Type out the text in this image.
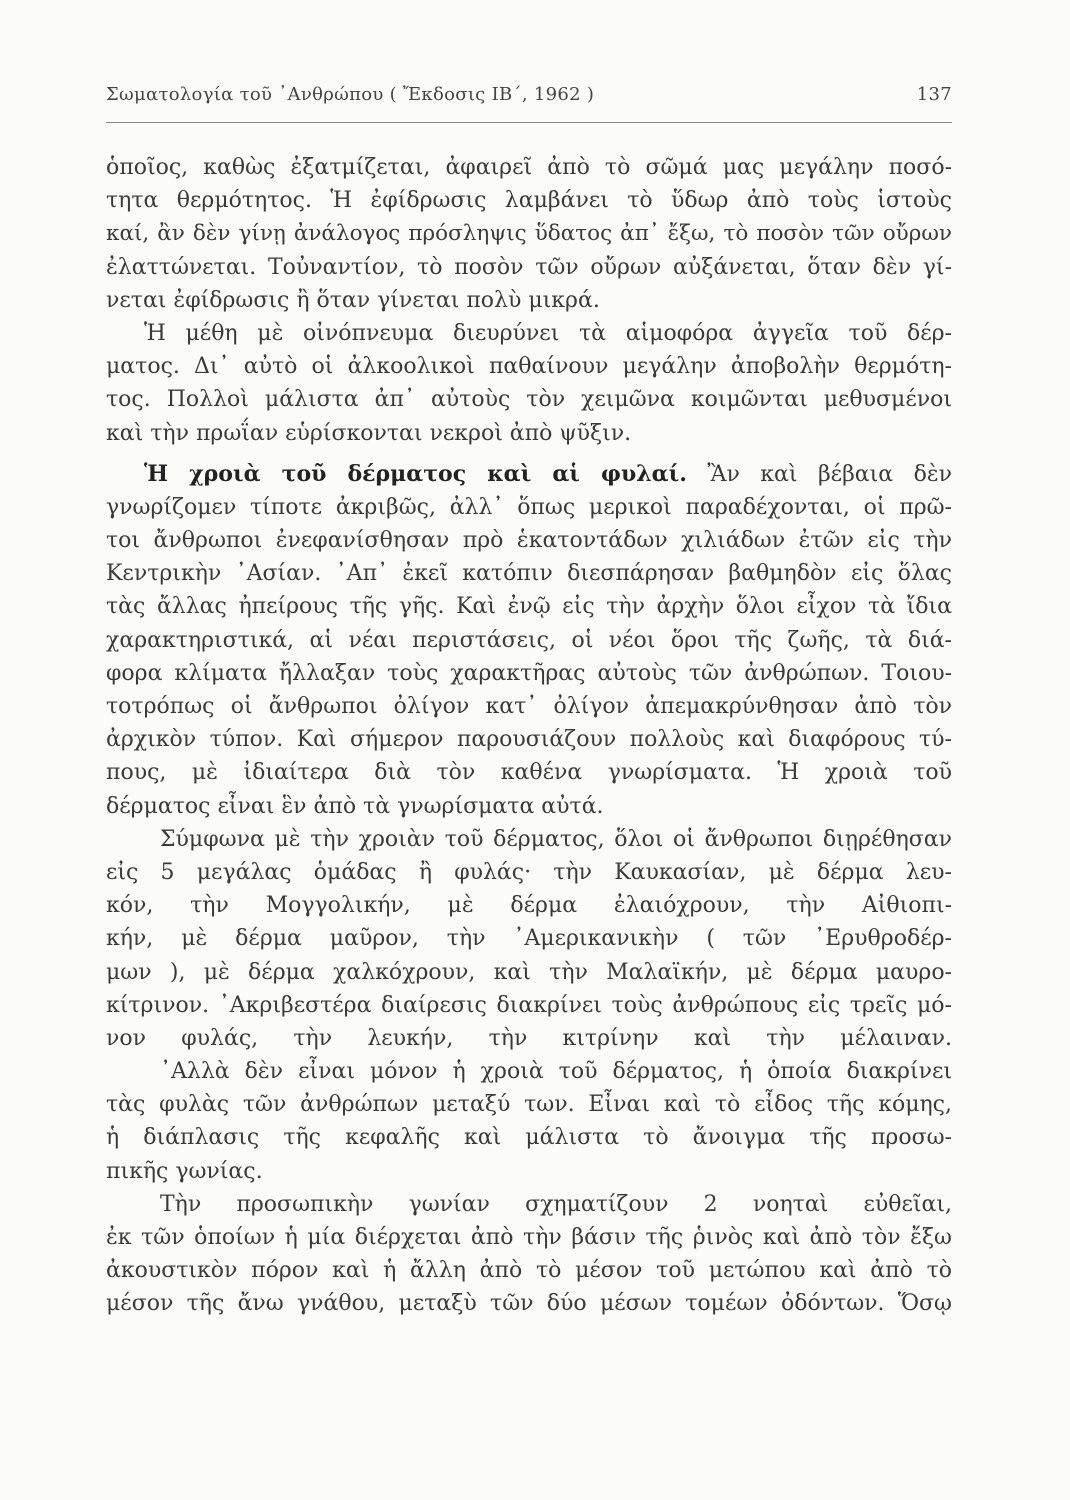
Σωματολογία τοῦ ᾽Ανθρώπου ( Ἔκδοσις ΙΒ΄, 1962 )	137
ὁποῖος, καθὼς ἐξατμίζεται, ἀφαιρεῖ ἀπὸ τὸ σῶμά μας μεγάλην ποσό-
τητα θερμότητος. Ἡ ἐφίδρωσις λαμβάνει τὸ ὕδωρ ἀπὸ τοὺς ἱστοὺς
καί, ἂν δὲν γίνῃ ἀνάλογος πρόσληψις ὕδατος ἀπ᾽ ἔξω, τὸ ποσὸν τῶν οὔρων
ἐλαττώνεται. Τοὐναντίον, τὸ ποσὸν τῶν οὔρων αὐξάνεται, ὅταν δὲν γί-
νεται ἐφίδρωσις ἢ ὅταν γίνεται πολὺ μικρά.
Ἡ μέθη μὲ οἰνόπνευμα διευρύνει τὰ αἱμοφόρα ἀγγεῖα τοῦ δέρ-
ματος. Δι᾽ αὐτὸ οἱ ἀλκοολικοὶ παθαίνουν μεγάλην ἀποβολὴν θερμότη-
τος. Πολλοὶ μάλιστα ἀπ᾽ αὐτοὺς τὸν χειμῶνα κοιμῶνται μεθυσμένοι
καὶ τὴν πρωΐαν εὑρίσκονται νεκροὶ ἀπὸ ψῦξιν.
Ἡ χροιὰ τοῦ δέρματος καὶ αἱ φυλαί. Ἂν καὶ βέβαια δὲν
γνωρίζομεν τίποτε ἀκριβῶς, ἀλλ᾽ ὅπως μερικοὶ παραδέχονται, οἱ πρῶ-
τοι ἄνθρωποι ἐνεφανίσθησαν πρὸ ἑκατοντάδων χιλιάδων ἐτῶν εἰς τὴν
Κεντρικὴν ᾽Ασίαν. ᾽Απ᾽ ἐκεῖ κατόπιν διεσπάρησαν βαθμηδὸν εἰς ὅλας
τὰς ἄλλας ἠπείρους τῆς γῆς. Καὶ ἐνῷ εἰς τὴν ἀρχὴν ὅλοι εἶχον τὰ ἴδια
χαρακτηριστικά, αἱ νέαι περιστάσεις, οἱ νέοι ὅροι τῆς ζωῆς, τὰ διά-
φορα κλίματα ἤλλαξαν τοὺς χαρακτῆρας αὐτοὺς τῶν ἀνθρώπων. Τοιου-
τοτρόπως οἱ ἄνθρωποι ὀλίγον κατ᾽ ὀλίγον ἀπεμακρύνθησαν ἀπὸ τὸν
ἀρχικὸν τύπον. Καὶ σήμερον παρουσιάζουν πολλοὺς καὶ διαφόρους τύ-
πους, μὲ ἰδιαίτερα διὰ τὸν καθένα γνωρίσματα. Ἡ χροιὰ τοῦ
δέρματος εἶναι ἓν ἀπὸ τὰ γνωρίσματα αὐτά.
Σύμφωνα μὲ τὴν χροιὰν τοῦ δέρματος, ὅλοι οἱ ἄνθρωποι διῃρέθησαν
εἰς 5 μεγάλας ὁμάδας ἢ φυλάς· τὴν Καυκασίαν, μὲ δέρμα λευ-
κόν, τὴν Μογγολικήν, μὲ δέρμα ἐλαιόχρουν, τὴν Αἰθιοπι-
κήν, μὲ δέρμα μαῦρον, τὴν ᾽Αμερικανικὴν ( τῶν ᾽Ερυθροδέρ-
μων ), μὲ δέρμα χαλκόχρουν, καὶ τὴν Μαλαϊκήν, μὲ δέρμα μαυρο-
κίτρινον. ᾽Ακριβεστέρα διαίρεσις διακρίνει τοὺς ἀνθρώπους εἰς τρεῖς μό-
νον φυλάς, τὴν λευκήν, τὴν κιτρίνην καὶ τὴν μέλαιναν.
᾽Αλλὰ δὲν εἶναι μόνον ἡ χροιὰ τοῦ δέρματος, ἡ ὁποία διακρίνει
τὰς φυλὰς τῶν ἀνθρώπων μεταξύ των. Εἶναι καὶ τὸ εἶδος τῆς κόμης,
ἡ διάπλασις τῆς κεφαλῆς καὶ μάλιστα τὸ ἄνοιγμα τῆς προσω-
πικῆς γωνίας.
Τὴν προσωπικὴν γωνίαν σχηματίζουν 2 νοηταὶ εὐθεῖαι,
ἐκ τῶν ὁποίων ἡ μία διέρχεται ἀπὸ τὴν βάσιν τῆς ῥινὸς καὶ ἀπὸ τὸν ἔξω
ἀκουστικὸν πόρον καὶ ἡ ἄλλη ἀπὸ τὸ μέσον τοῦ μετώπου καὶ ἀπὸ τὸ
μέσον τῆς ἄνω γνάθου, μεταξὺ τῶν δύο μέσων τομέων ὀδόντων. Ὅσῳ
